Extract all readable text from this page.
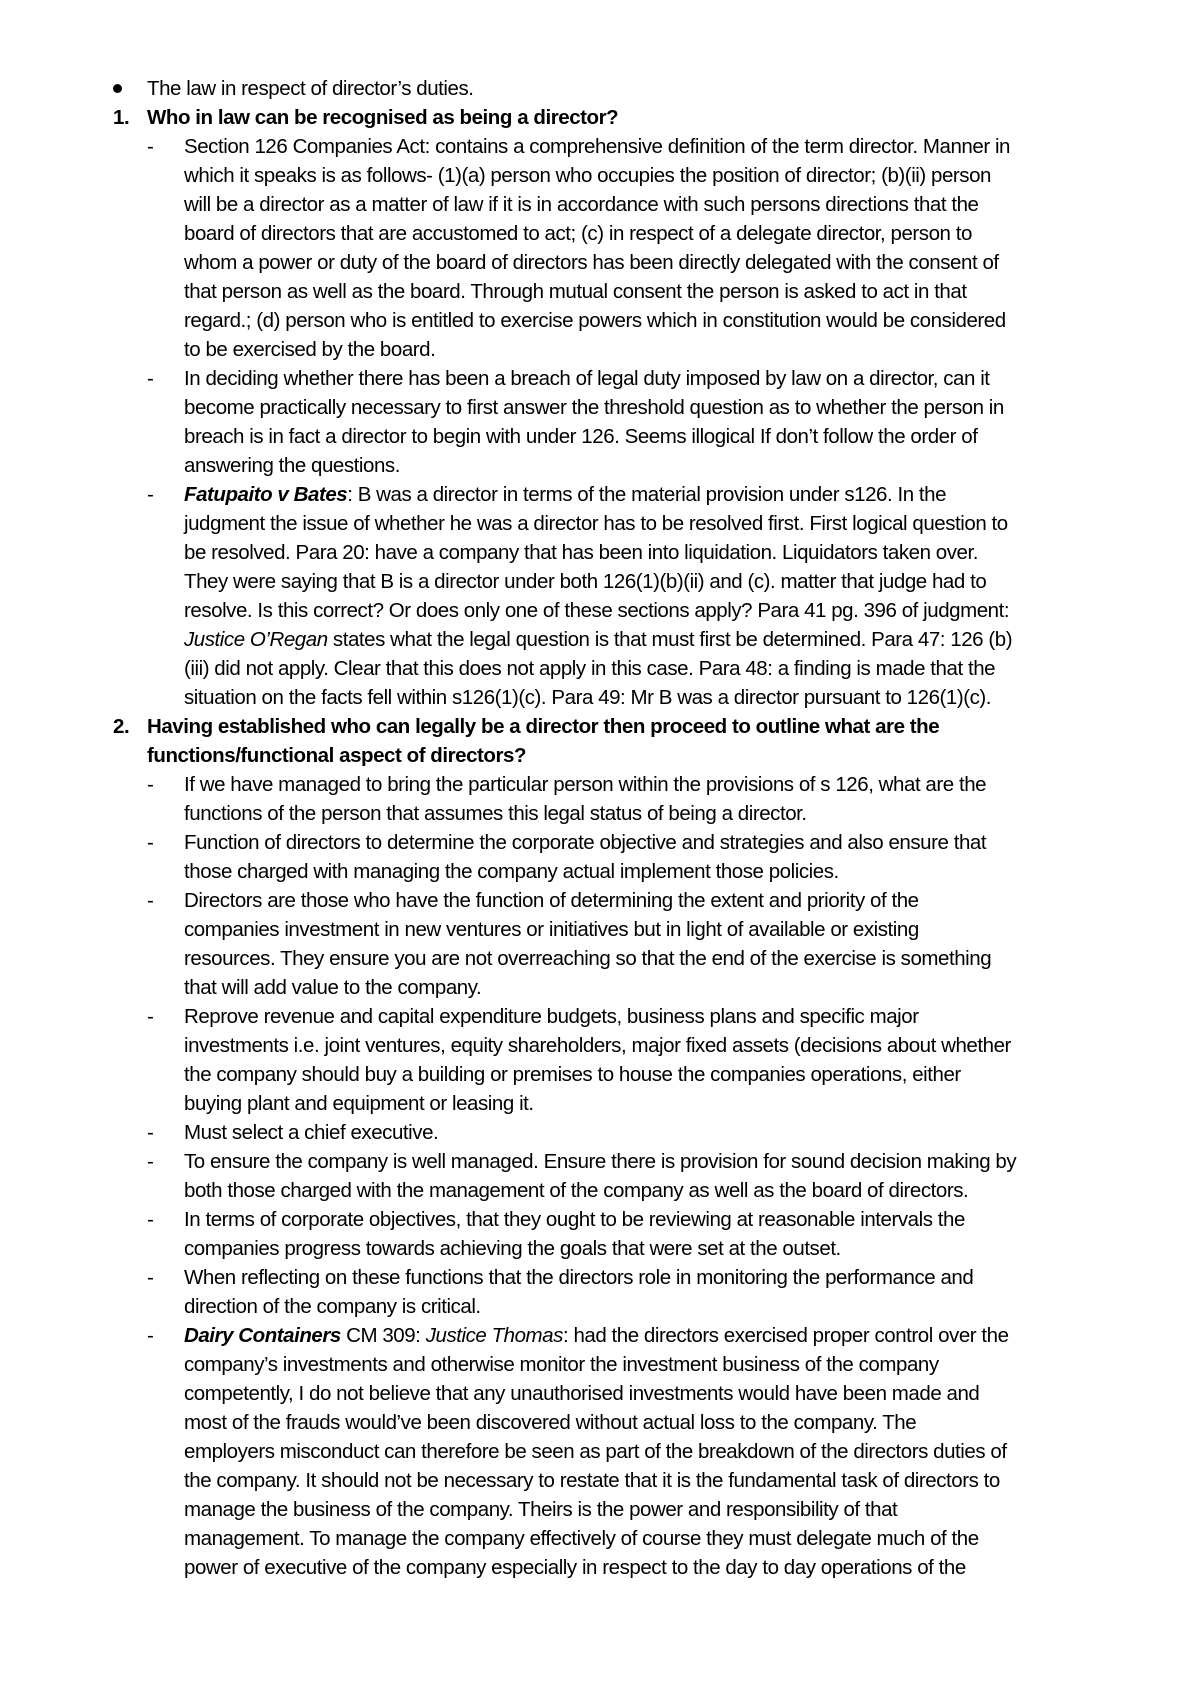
The law in respect of director’s duties.
1. Who in law can be recognised as being a director?
- Section 126 Companies Act: contains a comprehensive definition of the term director. Manner in
which it speaks is as follows- (1)(a) person who occupies the position of director; (b)(ii) person
will be a director as a matter of law if it is in accordance with such persons directions that the
board of directors that are accustomed to act; (c) in respect of a delegate director, person to
whom a power or duty of the board of directors has been directly delegated with the consent of
that person as well as the board. Through mutual consent the person is asked to act in that
regard.; (d) person who is entitled to exercise powers which in constitution would be considered
to be exercised by the board.
- In deciding whether there has been a breach of legal duty imposed by law on a director, can it
become practically necessary to first answer the threshold question as to whether the person in
breach is in fact a director to begin with under 126. Seems illogical If don’t follow the order of
answering the questions.
- Fatupaito v Bates: B was a director in terms of the material provision under s126. In the
judgment the issue of whether he was a director has to be resolved first. First logical question to
be resolved. Para 20: have a company that has been into liquidation. Liquidators taken over.
They were saying that B is a director under both 126(1)(b)(ii) and (c). matter that judge had to
resolve. Is this correct? Or does only one of these sections apply? Para 41 pg. 396 of judgment:
Justice O’Regan states what the legal question is that must first be determined. Para 47: 126 (b)
(iii) did not apply. Clear that this does not apply in this case. Para 48: a finding is made that the
situation on the facts fell within s126(1)(c). Para 49: Mr B was a director pursuant to 126(1)(c).
2. Having established who can legally be a director then proceed to outline what are the
functions/functional aspect of directors?
- If we have managed to bring the particular person within the provisions of s 126, what are the
functions of the person that assumes this legal status of being a director.
- Function of directors to determine the corporate objective and strategies and also ensure that
those charged with managing the company actual implement those policies.
- Directors are those who have the function of determining the extent and priority of the
companies investment in new ventures or initiatives but in light of available or existing
resources. They ensure you are not overreaching so that the end of the exercise is something
that will add value to the company.
- Reprove revenue and capital expenditure budgets, business plans and specific major
investments i.e. joint ventures, equity shareholders, major fixed assets (decisions about whether
the company should buy a building or premises to house the companies operations, either
buying plant and equipment or leasing it.
- Must select a chief executive.
- To ensure the company is well managed. Ensure there is provision for sound decision making by
both those charged with the management of the company as well as the board of directors.
- In terms of corporate objectives, that they ought to be reviewing at reasonable intervals the
companies progress towards achieving the goals that were set at the outset.
- When reflecting on these functions that the directors role in monitoring the performance and
direction of the company is critical.
- Dairy Containers CM 309: Justice Thomas: had the directors exercised proper control over the
company’s investments and otherwise monitor the investment business of the company
competently, I do not believe that any unauthorised investments would have been made and
most of the frauds would’ve been discovered without actual loss to the company. The
employers misconduct can therefore be seen as part of the breakdown of the directors duties of
the company. It should not be necessary to restate that it is the fundamental task of directors to
manage the business of the company. Theirs is the power and responsibility of that
management. To manage the company effectively of course they must delegate much of the
power of executive of the company especially in respect to the day to day operations of the
